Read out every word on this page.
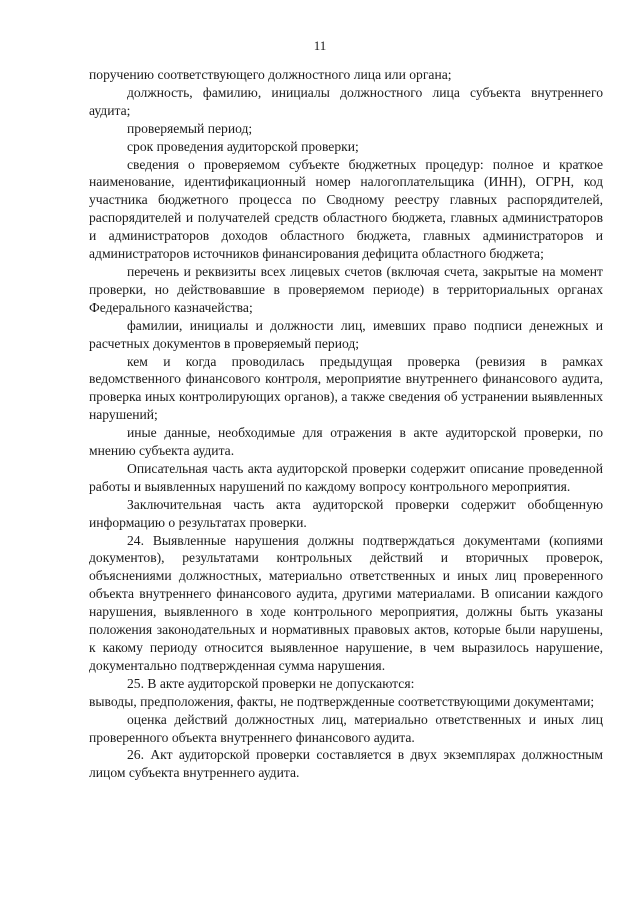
11

поручению соответствующего должностного лица или органа;

должность, фамилию, инициалы должностного лица субъекта внутреннего аудита;

проверяемый период;

срок проведения аудиторской проверки;

сведения о проверяемом субъекте бюджетных процедур: полное и краткое наименование, идентификационный номер налогоплательщика (ИНН), ОГРН, код участника бюджетного процесса по Сводному реестру главных распорядителей, распорядителей и получателей средств областного бюджета, главных администраторов и администраторов доходов областного бюджета, главных администраторов и администраторов источников финансирования дефицита областного бюджета;

перечень и реквизиты всех лицевых счетов (включая счета, закрытые на момент проверки, но действовавшие в проверяемом периоде) в территориальных органах Федерального казначейства;

фамилии, инициалы и должности лиц, имевших право подписи денежных и расчетных документов в проверяемый период;

кем и когда проводилась предыдущая проверка (ревизия в рамках ведомственного финансового контроля, мероприятие внутреннего финансового аудита, проверка иных контролирующих органов), а также сведения об устранении выявленных нарушений;

иные данные, необходимые для отражения в акте аудиторской проверки, по мнению субъекта аудита.

Описательная часть акта аудиторской проверки содержит описание проведенной работы и выявленных нарушений по каждому вопросу контрольного мероприятия.

Заключительная часть акта аудиторской проверки содержит обобщенную информацию о результатах проверки.

24. Выявленные нарушения должны подтверждаться документами (копиями документов), результатами контрольных действий и вторичных проверок, объяснениями должностных, материально ответственных и иных лиц проверенного объекта внутреннего финансового аудита, другими материалами. В описании каждого нарушения, выявленного в ходе контрольного мероприятия, должны быть указаны положения законодательных и нормативных правовых актов, которые были нарушены, к какому периоду относится выявленное нарушение, в чем выразилось нарушение, документально подтвержденная сумма нарушения.

25. В акте аудиторской проверки не допускаются:

выводы, предположения, факты, не подтвержденные соответствующими документами;

оценка действий должностных лиц, материально ответственных и иных лиц проверенного объекта внутреннего финансового аудита.

26. Акт аудиторской проверки составляется в двух экземплярах должностным лицом субъекта внутреннего аудита.
